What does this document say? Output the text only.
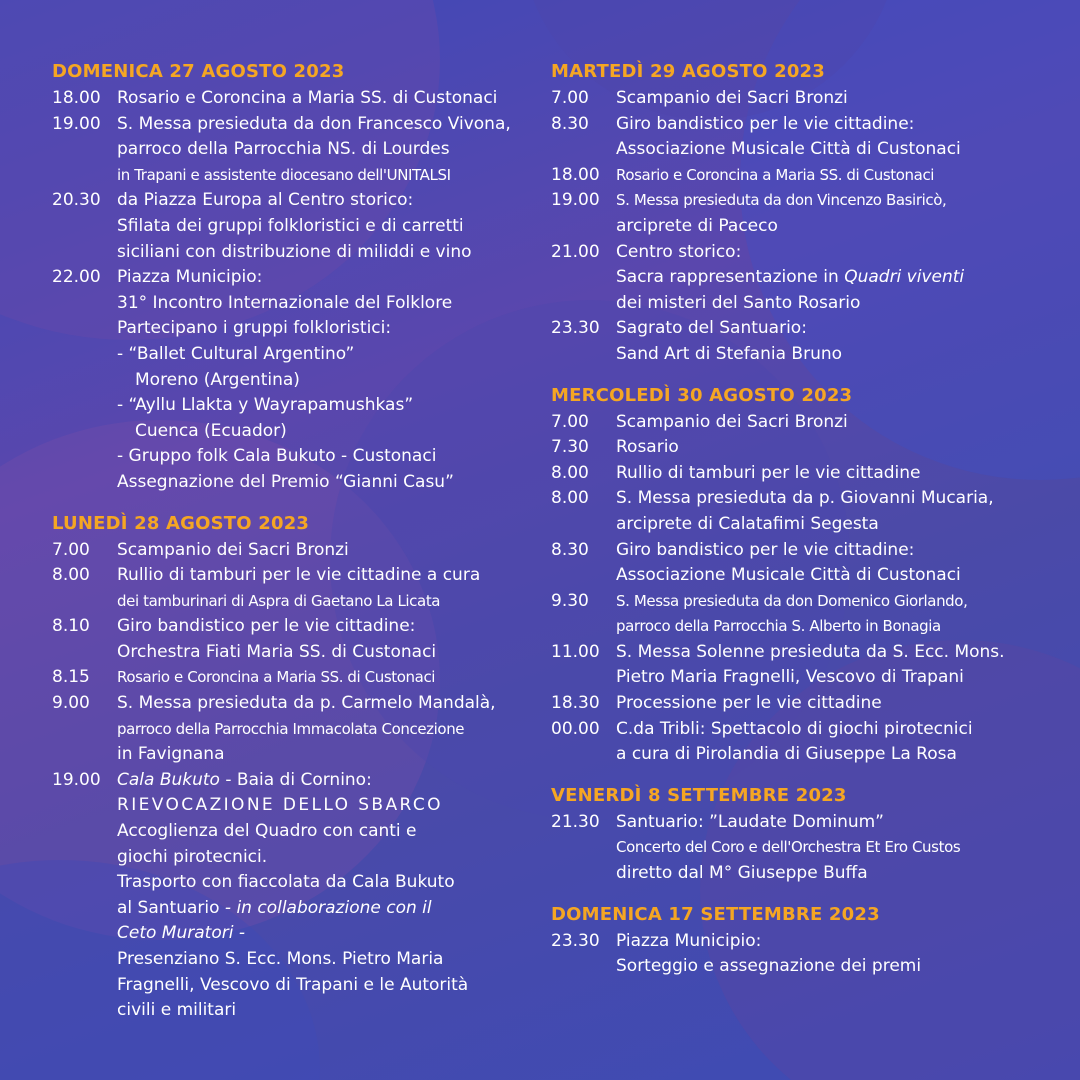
DOMENICA 27 AGOSTO 2023
18.00 Rosario e Coroncina a Maria SS. di Custonaci
19.00 S. Messa presieduta da don Francesco Vivona,
parroco della Parrocchia NS. di Lourdes
in Trapani e assistente diocesano dell'UNITALSI
20.30 da Piazza Europa al Centro storico:
Sfilata dei gruppi folkloristici e di carretti
siciliani con distribuzione di miliddi e vino
22.00 Piazza Municipio:
31° Incontro Internazionale del Folklore
Partecipano i gruppi folkloristici:
- “Ballet Cultural Argentino”
Moreno (Argentina)
- “Ayllu Llakta y Wayrapamushkas”
Cuenca (Ecuador)
- Gruppo folk Cala Bukuto - Custonaci
Assegnazione del Premio “Gianni Casu”
LUNEDÌ 28 AGOSTO 2023
7.00	Scampanio dei Sacri Bronzi
8.00	Rullio di tamburi per le vie cittadine a cura
dei tamburinari di Aspra di Gaetano La Licata
8.10	Giro bandistico per le vie cittadine:
Orchestra Fiati Maria SS. di Custonaci
8.15	Rosario e Coroncina a Maria SS. di Custonaci
9.00	S. Messa presieduta da p. Carmelo Mandalà,
parroco della Parrocchia Immacolata Concezione
in Favignana
19.00 Cala Bukuto - Baia di Cornino:
RIEVOCAZIONE DELLO SBARCO
Accoglienza del Quadro con canti e
giochi pirotecnici.
Trasporto con fiaccolata da Cala Bukuto
al Santuario - in collaborazione con il
Ceto Muratori -
Presenziano S. Ecc. Mons. Pietro Maria
Fragnelli, Vescovo di Trapani e le Autorità
civili e militari
MARTEDÌ 29 AGOSTO 2023
7.00	Scampanio dei Sacri Bronzi
8.30	Giro bandistico per le vie cittadine:
Associazione Musicale Città di Custonaci
18.00	Rosario e Coroncina a Maria SS. di Custonaci
19.00	S. Messa presieduta da don Vincenzo Basiricò,
arciprete di Paceco
21.00 Centro storico:
Sacra rappresentazione in Quadri viventi
dei misteri del Santo Rosario
23.30 Sagrato del Santuario:
Sand Art di Stefania Bruno
MERCOLEDÌ 30 AGOSTO 2023
7.00	Scampanio dei Sacri Bronzi
7.30	Rosario
8.00	Rullio di tamburi per le vie cittadine
8.00	S. Messa presieduta da p. Giovanni Mucaria,
arciprete di Calatafimi Segesta
8.30	Giro bandistico per le vie cittadine:
Associazione Musicale Città di Custonaci
9.30	S. Messa presieduta da don Domenico Giorlando,
parroco della Parrocchia S. Alberto in Bonagia
11.00 S. Messa Solenne presieduta da S. Ecc. Mons.
Pietro Maria Fragnelli, Vescovo di Trapani
18.30 Processione per le vie cittadine
00.00 C.da Tribli: Spettacolo di giochi pirotecnici
a cura di Pirolandia di Giuseppe La Rosa
VENERDÌ 8 SETTEMBRE 2023
21.30 Santuario: ”Laudate Dominum”
Concerto del Coro e dell'Orchestra Et Ero Custos
diretto dal M° Giuseppe Buffa
DOMENICA 17 SETTEMBRE 2023
23.30 Piazza Municipio:
Sorteggio e assegnazione dei premi
